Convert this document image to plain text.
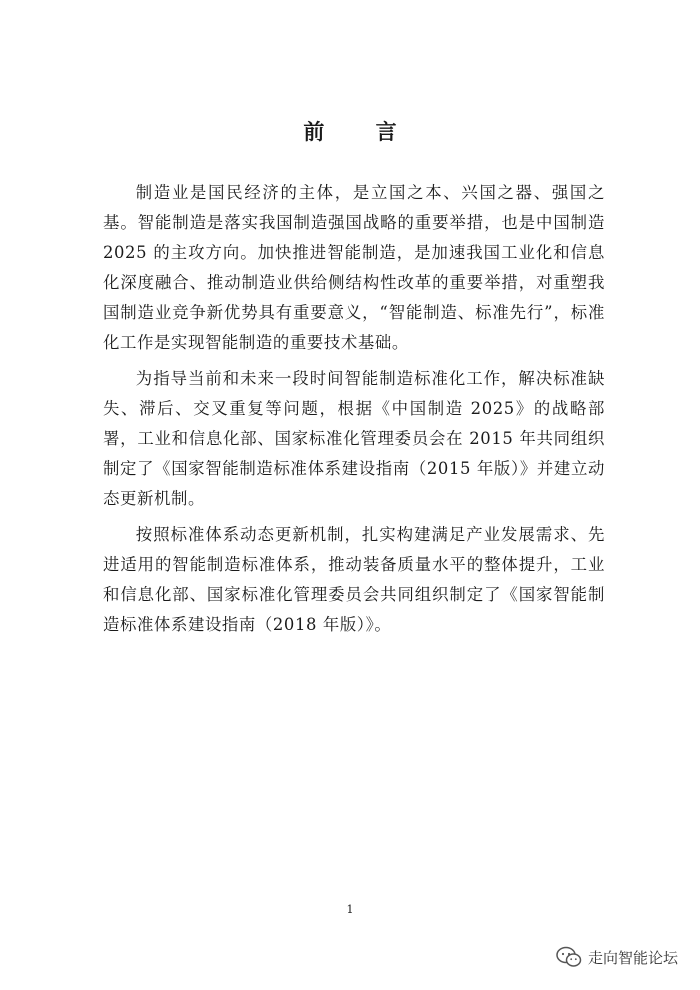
前 言

制造业是国民经济的主体，是立国之本、兴国之器、强国之基。智能制造是落实我国制造强国战略的重要举措，也是中国制造 2025 的主攻方向。加快推进智能制造，是加速我国工业化和信息化深度融合、推动制造业供给侧结构性改革的重要举措，对重塑我国制造业竞争新优势具有重要意义，“智能制造、标准先行”，标准化工作是实现智能制造的重要技术基础。

为指导当前和未来一段时间智能制造标准化工作，解决标准缺失、滞后、交叉重复等问题，根据《中国制造 2025》的战略部署，工业和信息化部、国家标准化管理委员会在 2015 年共同组织制定了《国家智能制造标准体系建设指南（2015 年版）》并建立动态更新机制。

按照标准体系动态更新机制，扎实构建满足产业发展需求、先进适用的智能制造标准体系，推动装备质量水平的整体提升，工业和信息化部、国家标准化管理委员会共同组织制定了《国家智能制造标准体系建设指南（2018 年版）》。

1
走向智能论坛
